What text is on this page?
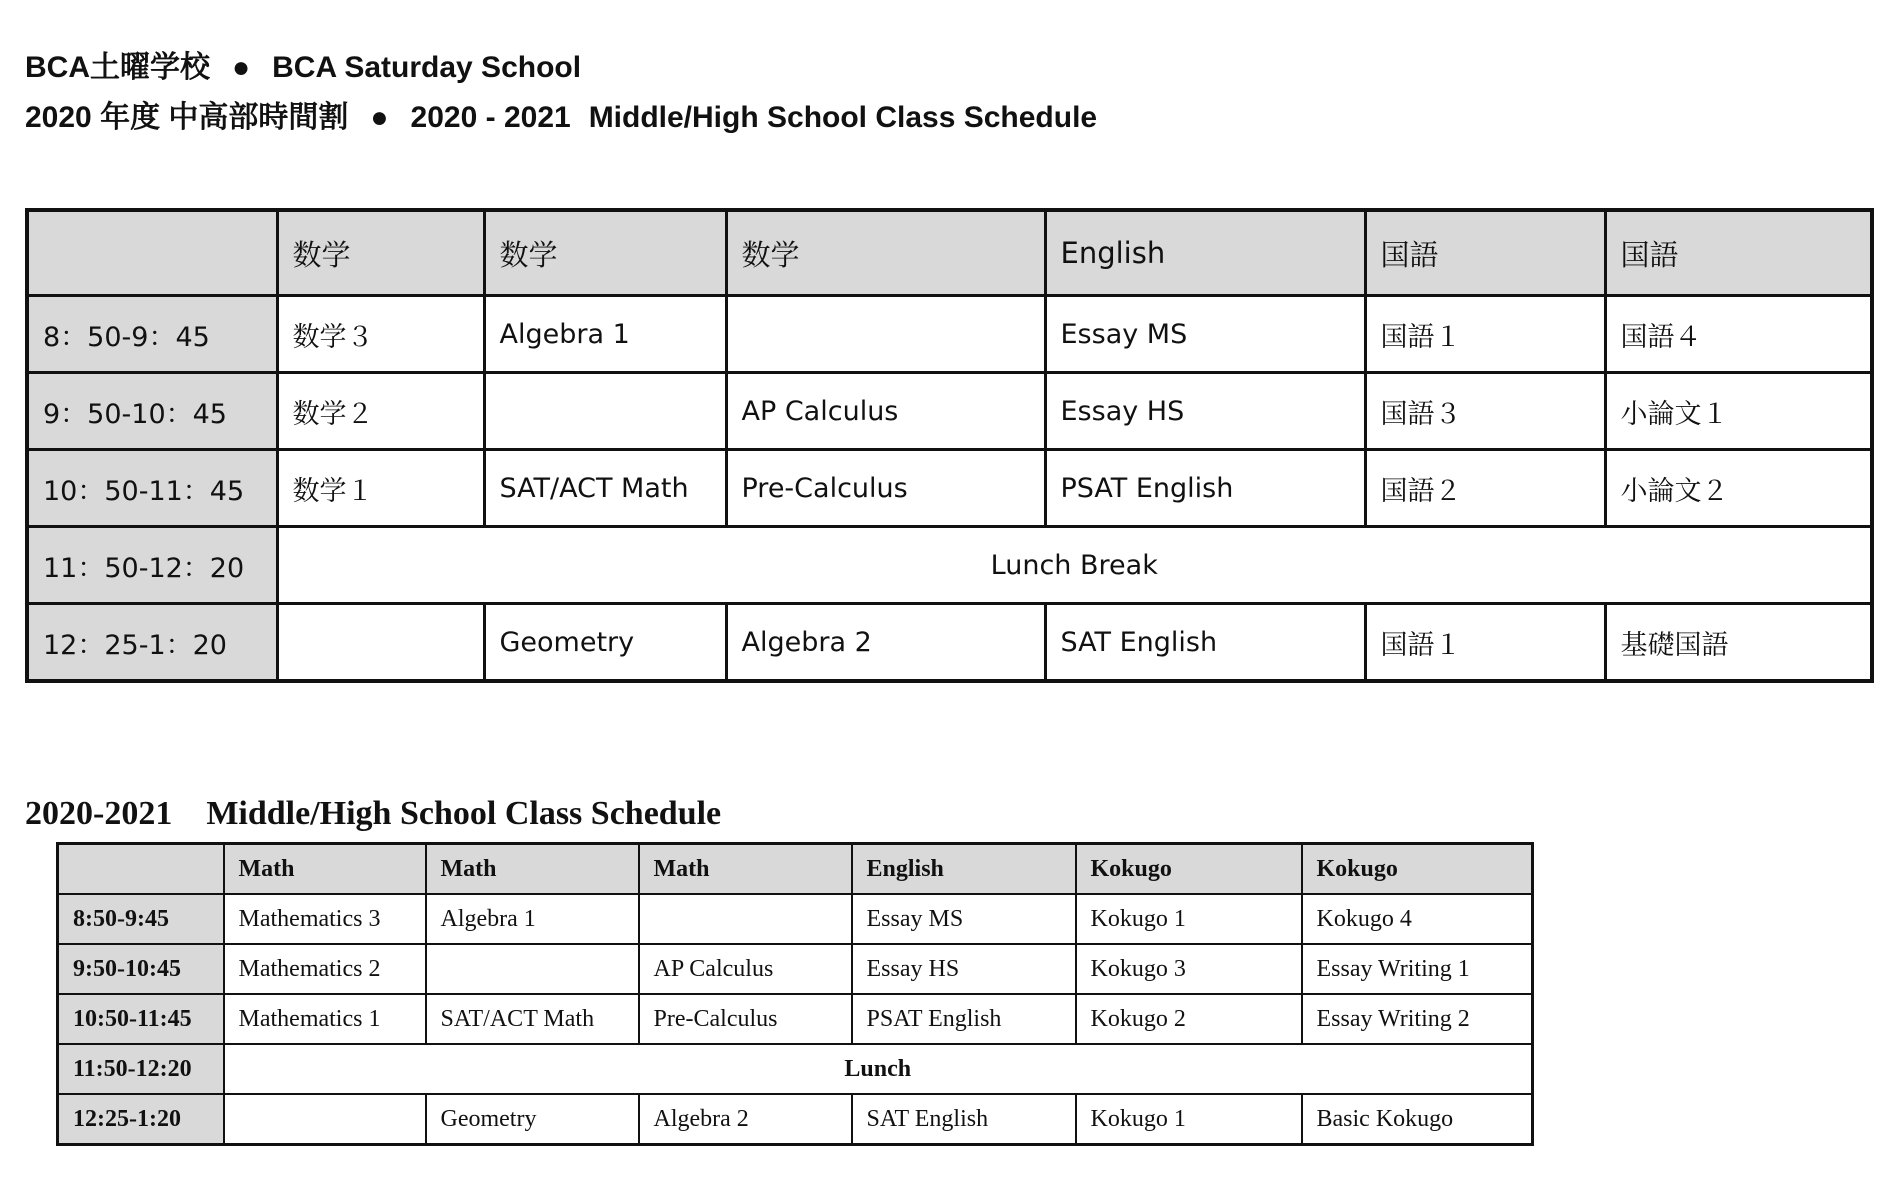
BCA土曜学校 ● BCA Saturday School
2020 年度 中高部時間割 ● 2020 - 2021 Middle/High School Class Schedule
	数学	数学	数学	English	国語	国語
8：50-9：45	数学３	Algebra 1		Essay MS	国語１	国語４
9：50-10：45	数学２		AP Calculus	Essay HS	国語３	小論文１
10：50-11：45	数学１	SAT/ACT Math	Pre-Calculus	PSAT English	国語２	小論文２
11：50-12：20	Lunch Break					
12：25-1：20		Geometry	Algebra 2	SAT English	国語１	基礎国語
2020-2021 Middle/High School Class Schedule
	Math	Math	Math	English	Kokugo	Kokugo
8:50-9:45	Mathematics 3	Algebra 1		Essay MS	Kokugo 1	Kokugo 4
9:50-10:45	Mathematics 2		AP Calculus	Essay HS	Kokugo 3	Essay Writing 1
10:50-11:45	Mathematics 1	SAT/ACT Math	Pre-Calculus	PSAT English	Kokugo 2	Essay Writing 2
11:50-12:20	Lunch					
12:25-1:20		Geometry	Algebra 2	SAT English	Kokugo 1	Basic Kokugo
